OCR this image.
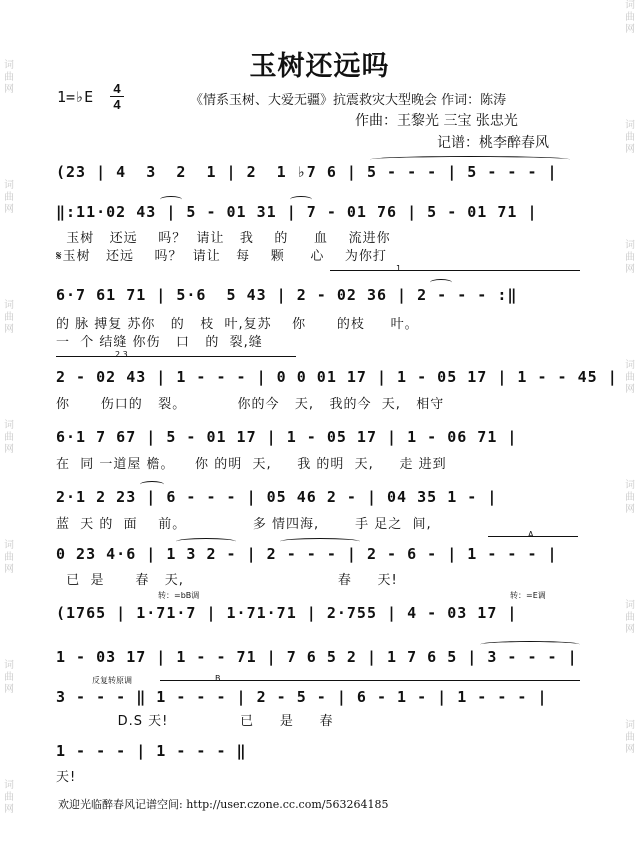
词
曲
网
词
曲
网
词
曲
网
词
曲
网
词
曲
网
词
曲
网
词
曲
网
词
曲
网
词
曲
网
词
曲
网
词
曲
网
词
曲
网
词
曲
网
词
曲
网
玉树还远吗
1=♭E 4
4	《情系玉树、大爱无疆》抗震救灾大型晚会 作词：陈涛
作曲：王黎光 三宝 张忠光
记谱：桃李醉春风
(23 | 4  3  2  1 | 2  1 ♭7 6 | 5 - - - | 5 - - - |
‖:11·02 43 | 5 - 01 31 | 7 - 01 76 | 5 - 01 71 |
玉树   还远    吗？  请让   我    的     血    流进你
𝄋玉树   还远    吗？  请让   每    颗     心    为你打
1
6·7 61 71 | 5·6  5 43 | 2 - 02 36 | 2 - - - :‖
的 脉 搏复 苏你   的   枝  叶,复苏    你      的枝     叶。
一  个 结缝 你伤   口   的  裂,缝
2.3
2 - 02 43 | 1 - - - | 0 0 01 17 | 1 - 05 17 | 1 - - 45 |
你      伤口的   裂。          你的今   天,   我的今  天,   相守
6·1 7 67 | 5 - 01 17 | 1 - 05 17 | 1 - 06 71 |
在  同 一道屋 檐。    你 的明  天,     我 的明  天,     走 进到
2·1 2 23 | 6 - - - | 05 46 2 - | 04 35 1 - |
蓝  天 的  面    前。             多 情四海,       手 足之  间,
A
0 23 4·6 | 1 3 2 - | 2 - - - | 2 - 6 - | 1 - - - |
已  是      春   天,                              春     天!
转：=bB调	转：=E调
(1765 | 1·71·7 | 1·71·71 | 2·755 | 4 - 03 17 |
1 - 03 17 | 1 - - 71 | 7 6 5 2 | 1 7 6 5 | 3 - - - |
反复转原调	B
3 - - - ‖ 1 - - - | 2 - 5 - | 6 - 1 - | 1 - - - |
D.S 天!              已     是     春
1 - - - | 1 - - - ‖
天!
欢迎光临醉春风记谱空间: http://user.czone.cc.com/563264185
